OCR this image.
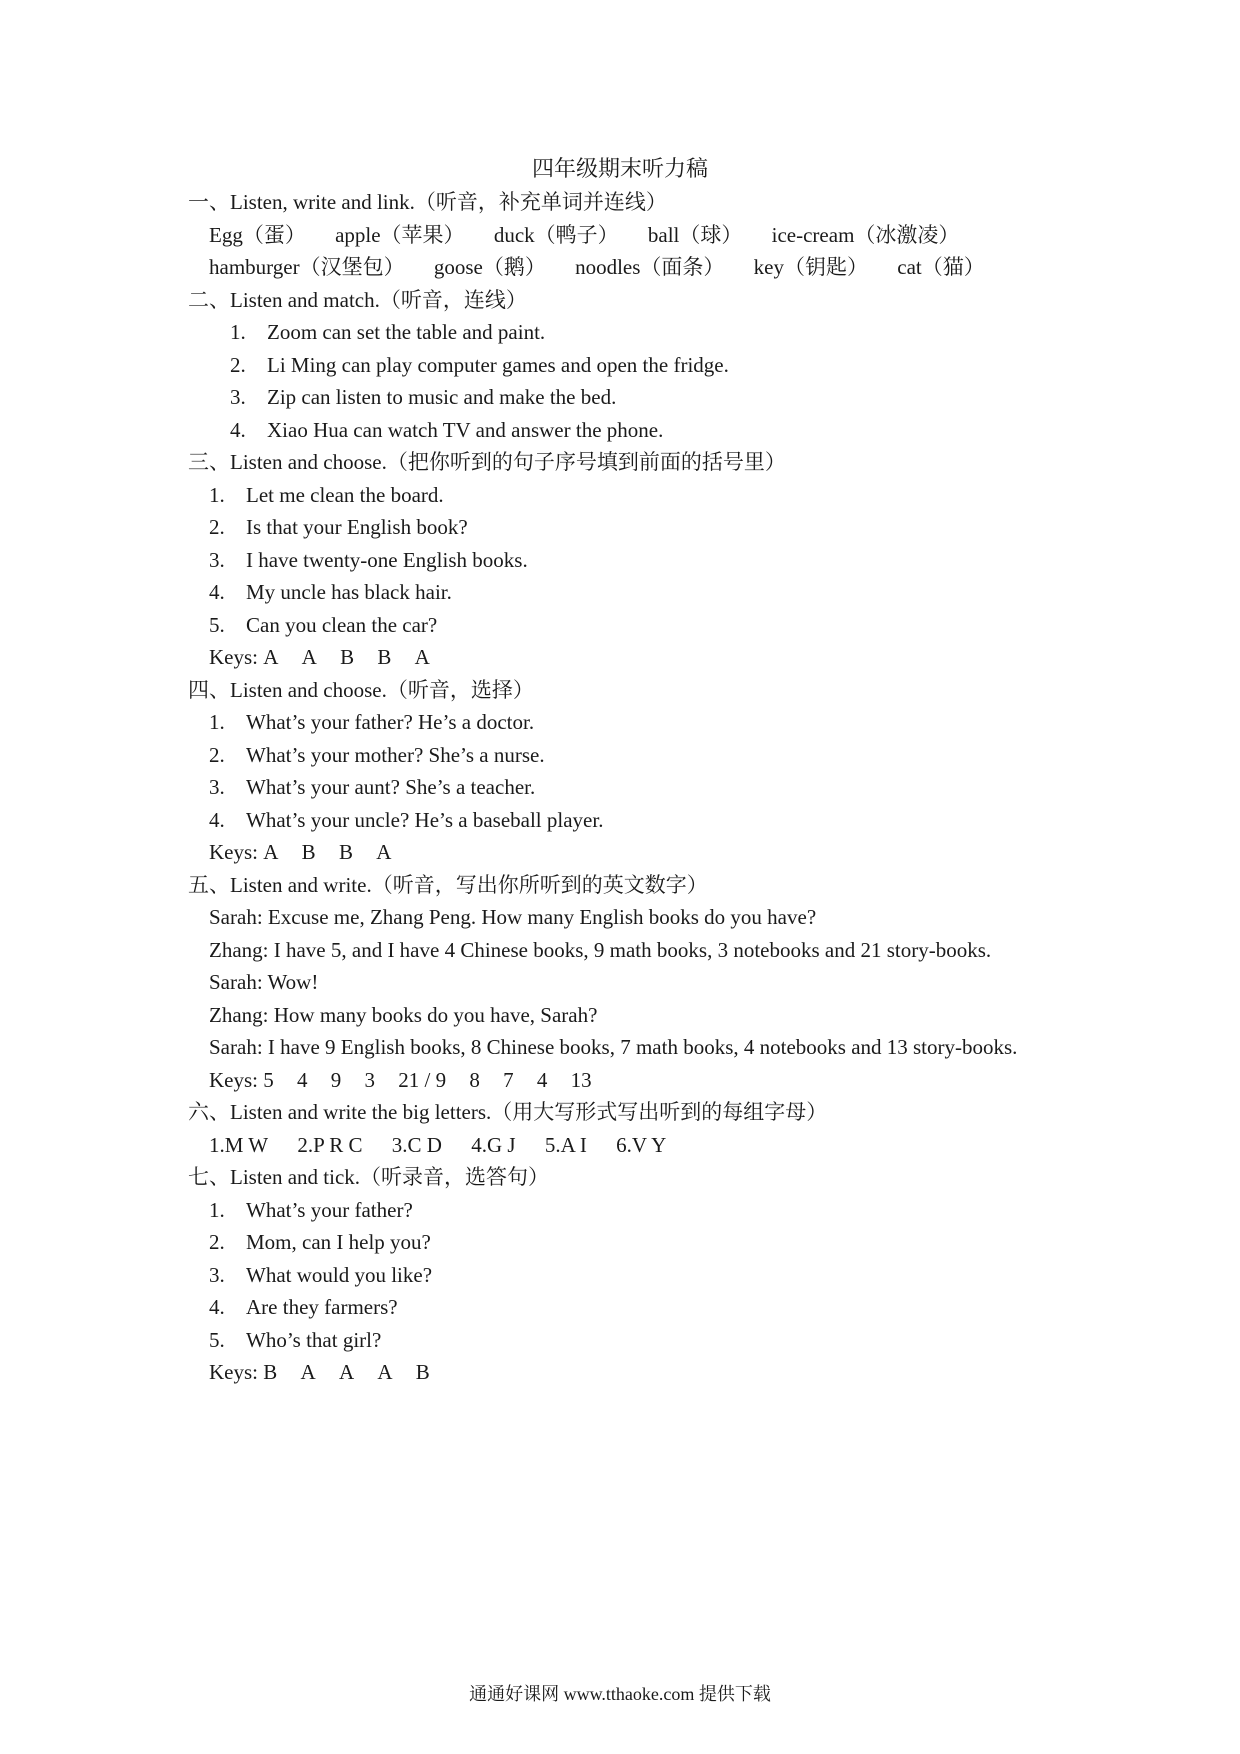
四年级期末听力稿
一、Listen, write and link.（听音，补充单词并连线）
Egg（蛋） apple（苹果） duck（鸭子） ball（球） ice-cream（冰激凌）
hamburger（汉堡包） goose（鹅） noodles（面条） key（钥匙） cat（猫）
二、Listen and match.（听音，连线）
1.	Zoom can set the table and paint.
2.	Li Ming can play computer games and open the fridge.
3.	Zip can listen to music and make the bed.
4.	Xiao Hua can watch TV and answer the phone.
三、Listen and choose.（把你听到的句子序号填到前面的括号里）
1.	Let me clean the board.
2.	Is that your English book?
3.	I have twenty-one English books.
4.	My uncle has black hair.
5.	Can you clean the car?
Keys: A A B B A
四、Listen and choose.（听音，选择）
1.	What’s your father? He’s a doctor.
2.	What’s your mother? She’s a nurse.
3.	What’s your aunt? She’s a teacher.
4.	What’s your uncle? He’s a baseball player.
Keys: A B B A
五、Listen and write.（听音，写出你所听到的英文数字）
Sarah: Excuse me, Zhang Peng. How many English books do you have?
Zhang: I have 5, and I have 4 Chinese books, 9 math books, 3 notebooks and 21 story-books.
Sarah: Wow!
Zhang: How many books do you have, Sarah?
Sarah: I have 9 English books, 8 Chinese books, 7 math books, 4 notebooks and 13 story-books.
Keys: 5 4 9 3 21 / 9 8 7 4 13
六、Listen and write the big letters.（用大写形式写出听到的每组字母）
1.M W 2.P R C 3.C D 4.G J 5.A I 6.V Y
七、Listen and tick.（听录音，选答句）
1.	What’s your father?
2.	Mom, can I help you?
3.	What would you like?
4.	Are they farmers?
5.	Who’s that girl?
Keys: B A A A B
通通好课网 www.tthaoke.com 提供下载
